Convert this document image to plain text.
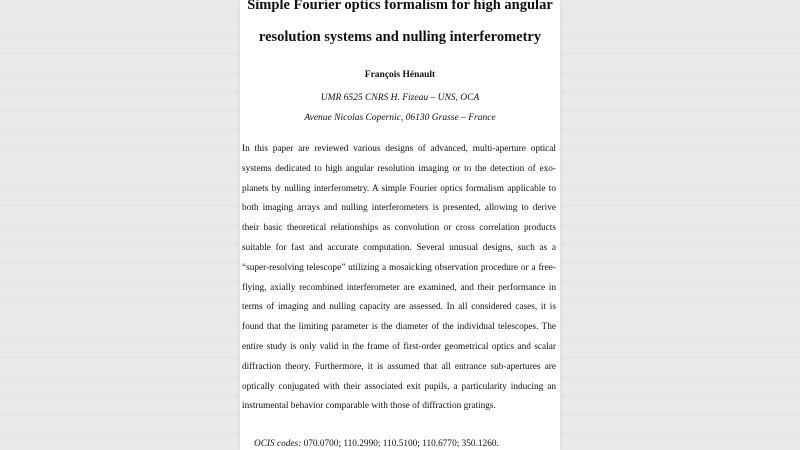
Simple Fourier optics formalism for high angular
resolution systems and nulling interferometry
François Hénault
UMR 6525 CNRS H. Fizeau – UNS, OCA
Avenue Nicolas Copernic, 06130 Grasse – France
In this paper are reviewed various designs of advanced, multi-aperture optical systems dedicated to high angular resolution imaging or to the detection of exo-planets by nulling interferometry. A simple Fourier optics formalism applicable to both imaging arrays and nulling interferometers is presented, allowing to derive their basic theoretical relationships as convolution or cross correlation products suitable for fast and accurate computation. Several unusual designs, such as a “super-resolving telescope” utilizing a mosaicking observation procedure or a free-flying, axially recombined interferometer are examined, and their performance in terms of imaging and nulling capacity are assessed. In all considered cases, it is found that the limiting parameter is the diameter of the individual telescopes. The entire study is only valid in the frame of first-order geometrical optics and scalar diffraction theory. Furthermore, it is assumed that all entrance sub-apertures are optically conjugated with their associated exit pupils, a particularity inducing an instrumental behavior comparable with those of diffraction gratings.
OCIS codes: 070.0700; 110.2990; 110.5100; 110.6770; 350.1260.
